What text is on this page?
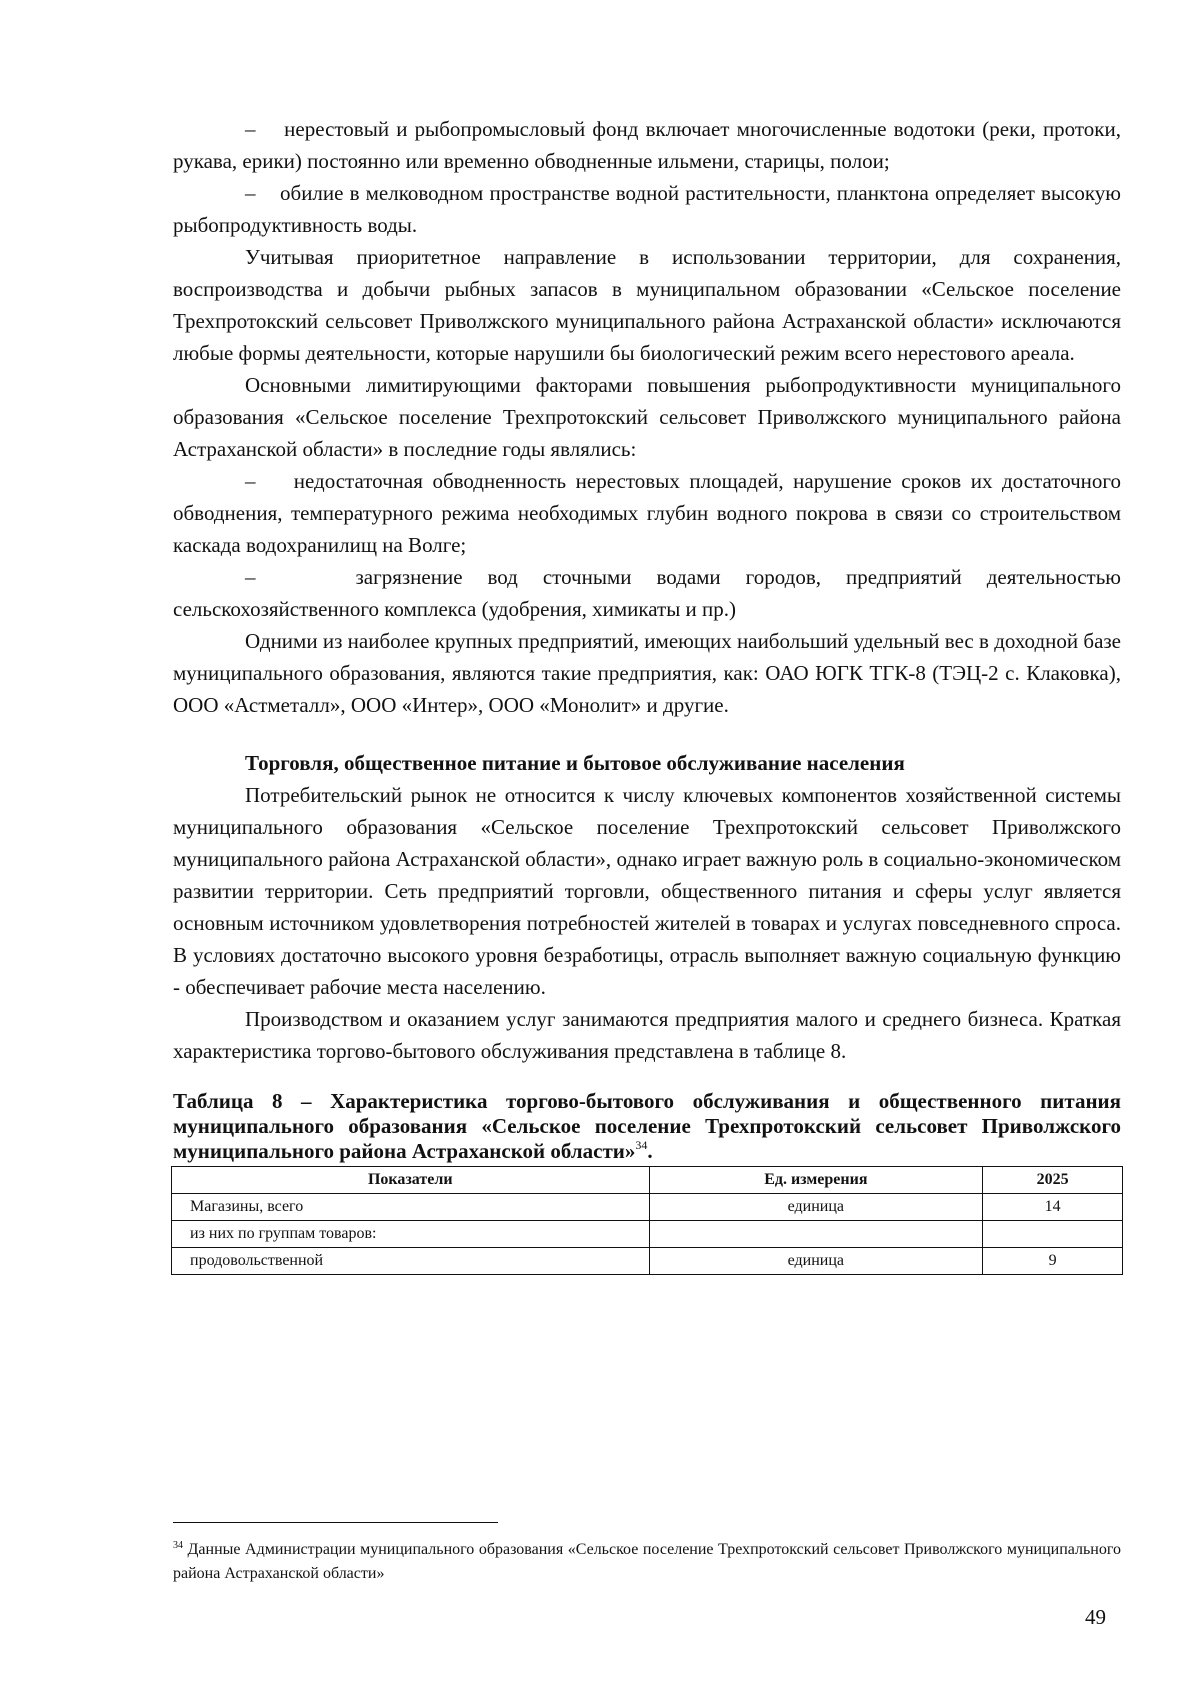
–    нерестовый и рыбопромысловый фонд включает многочисленные водотоки (реки, протоки, рукава, ерики) постоянно или временно обводненные ильмени, старицы, полои;

–    обилие в мелководном пространстве водной растительности, планктона определяет высокую рыбопродуктивность воды.

Учитывая приоритетное направление в использовании территории, для сохранения, воспроизводства и добычи рыбных запасов в муниципальном образовании «Сельское поселение Трехпротокский сельсовет Приволжского муниципального района Астраханской области» исключаются любые формы деятельности, которые нарушили бы биологический режим всего нерестового ареала.

Основными лимитирующими факторами повышения рыбопродуктивности муниципального образования «Сельское поселение Трехпротокский сельсовет Приволжского муниципального района Астраханской области» в последние годы являлись:

–    недостаточная обводненность нерестовых площадей, нарушение сроков их достаточного обводнения, температурного режима необходимых глубин водного покрова в связи со строительством каскада водохранилищ на Волге;

–    загрязнение вод сточными водами городов, предприятий деятельностью сельскохозяйственного комплекса (удобрения, химикаты и пр.)

Одними из наиболее крупных предприятий, имеющих наибольший удельный вес в доходной базе муниципального образования, являются такие предприятия, как: ОАО ЮГК ТГК-8 (ТЭЦ-2 с. Клаковка), ООО «Астметалл», ООО «Интер», ООО «Монолит» и другие.

Торговля, общественное питание и бытовое обслуживание населения

Потребительский рынок не относится к числу ключевых компонентов хозяйственной системы муниципального образования «Сельское поселение Трехпротокский сельсовет Приволжского муниципального района Астраханской области», однако играет важную роль в социально-экономическом развитии территории. Сеть предприятий торговли, общественного питания и сферы услуг является основным источником удовлетворения потребностей жителей в товарах и услугах повседневного спроса. В условиях достаточно высокого уровня безработицы, отрасль выполняет важную социальную функцию - обеспечивает рабочие места населению.

Производством и оказанием услуг занимаются предприятия малого и среднего бизнеса. Краткая характеристика торгово-бытового обслуживания представлена в таблице 8.

Таблица 8 – Характеристика торгово-бытового обслуживания и общественного питания муниципального образования «Сельское поселение Трехпротокский сельсовет Приволжского муниципального района Астраханской области»$^{34}$.
Показатели	Ед. измерения	2025
Магазины, всего	единица	14
из них по группам товаров:		
продовольственной	единица	9
$^{34}$ Данные Администрации муниципального образования «Сельское поселение Трехпротокский сельсовет Приволжского муниципального района Астраханской области»
49
